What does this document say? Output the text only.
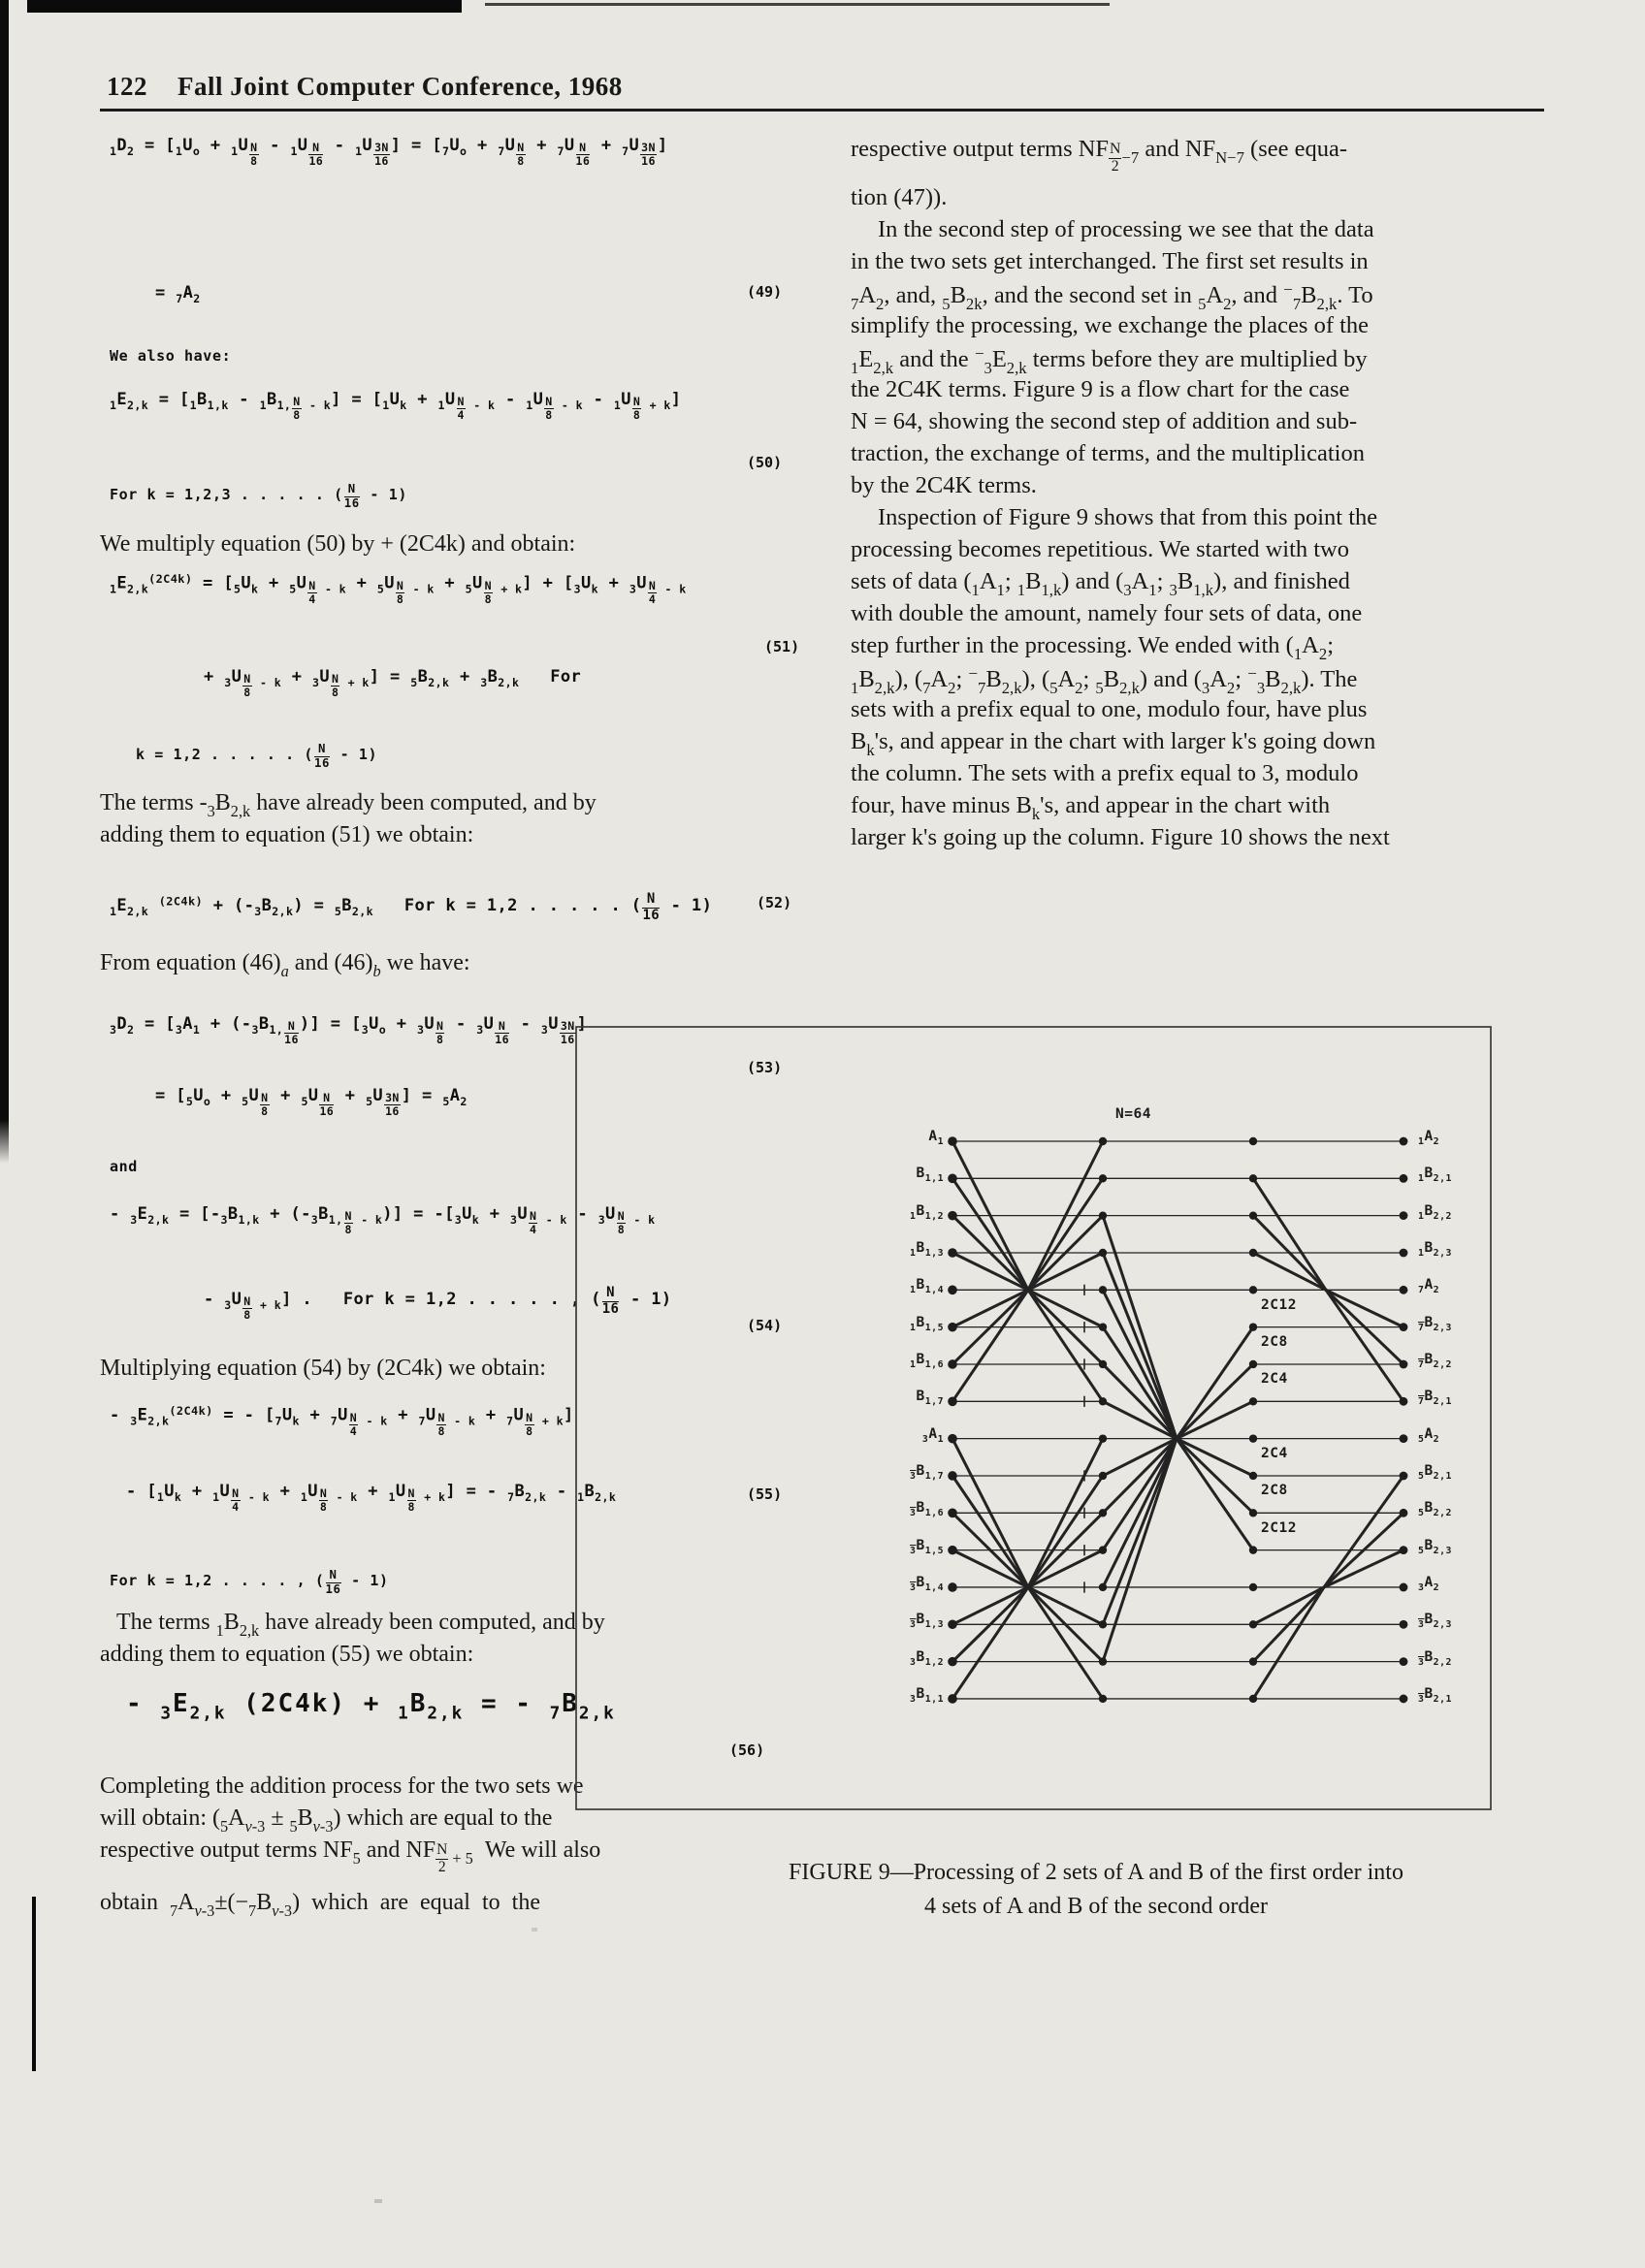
122 Fall Joint Computer Conference, 1968
$_1D_2 = [_1U_o + _1U \frac{N}{8} - _1U \frac{N}{16} - _1U \frac{3N}{16}$ ] = [$_7U_o + _7U \frac{N}{8} + _7U \frac{N}{16} + _7U \frac{3N}{16}$ ]
= $_7A_2$	(49)
We also have:
$_1E_{2,k} = [_1B_{1,k} - _1B_{1,} \frac{N}{8} _{- k}] = [_1U_k + _1U \frac{N}{4} _{- k} - _1U \frac{N}{8} _{- k} - _1U \frac{N}{8} _{+ k}]$
(50)
For k = 1,2,3 . . . . . ( $\frac{N}{16} - 1$)
We multiply equation (50) by + (2C4k) and obtain:
$_1E_{2,k}^{(2C4k)} = [_5U_k + _5U \frac{N}{4} _{- k} + _5U \frac{N}{8} _{- k} + _5U \frac{N}{8} _{+ k}] + [_3U_k + _3U \frac{N}{4} _{- k}$
(51)
+ $_3U \frac{N}{8} _{- k} + _3U \frac{N}{8} _{+ k}] = _5B_{2,k} + _3B_{2,k}$   For
k = 1,2 . . . . . ( $\frac{N}{16} - 1$)
The terms $-_3B_{2,k}$ have already been computed, and by
adding them to equation (51) we obtain:
$_1E_{2,k}$ $^{(2C4k)} + (-_3B_{2,k}) = _5B_{2,k}$   For k = 1,2 . . . . . ( $\frac{N}{16} - 1$)	(52)
From equation $(46)_a$ and $(46)_b$ we have:
$_3D_2 = [_3A_1 + (-_3B_{1,} \frac{N}{16}$ )] = [$_3U_o + _3U \frac{N}{8} - _3U \frac{N}{16} - _3U \frac{3N}{16}$ ]
(53)
= [$_5U_o + _5U \frac{N}{8} + _5U \frac{N}{16} + _5U \frac{3N}{16}$ ] = $_5A_2$
and
- $_3E_{2,k} = [-_3B_{1,k} + (-_3B_{1,} \frac{N}{8} _{- k})] = -[_3U_k + _3U \frac{N}{4} _{- k} - _3U \frac{N}{8} _{- k}$
(54)
- $_3U \frac{N}{8} _{+ k}$] .   For k = 1,2 . . . . . , ( $\frac{N}{16} - 1$)
Multiplying equation (54) by (2C4k) we obtain:
- $_3E_{2,k}^{(2C4k)}$ = - $[_7U_k + _7U \frac{N}{4} _{- k} + _7U \frac{N}{8} _{- k} + _7U \frac{N}{8} _{+ k}]$
- $[_1U_k + _1U \frac{N}{4} _{- k} + _1U \frac{N}{8} _{- k} + _1U \frac{N}{8} _{+ k}]$ = - $_7B_{2,k} - _1B_{2,k}$	(55)
For k = 1,2 . . . . , ( $\frac{N}{16} - 1$)
The terms $_1B_{2,k}$ have already been computed, and by
adding them to equation (55) we obtain:
- $_3E_{2,k}$ $(2C4k) + _1B_{2,k}$ = - $_7B_{2,k}$
(56)
Completing the addition process for the two sets we
will obtain: $(_5A_{v-3} \pm _5B_{v-3})$ which are equal to the
respective output terms $NF_5$ and NF $_{\frac{N}{2} + 5}$  We will also
obtain  $_7A_{v-3}\pm(-_7B_{v-3})$  which  are  equal  to  the
respective output terms NF $_{\frac{N}{2} -7}$ and $NF_{N-7}$ (see equa-
tion (47)).
In the second step of processing we see that the data
in the two sets get interchanged. The first set results in
$_7A_2$, and, $_5B_{2k}$, and the second set in $_5A_2$, and $^-_7B_{2,k}$. To
simplify the processing, we exchange the places of the
$_1E_{2,k}$ and the $^-_3E_{2,k}$ terms before they are multiplied by
the 2C4K terms. Figure 9 is a flow chart for the case
N = 64, showing the second step of addition and sub-
traction, the exchange of terms, and the multiplication
by the 2C4K terms.
Inspection of Figure 9 shows that from this point the
processing becomes repetitious. We started with two
sets of data ($_1A_1$; $_1B_{1,k}$) and ($_3A_1$; $_3B_{1,k}$), and finished
with double the amount, namely four sets of data, one
step further in the processing. We ended with ($_1A_2$;
$_1B_{2,k}$), ($_7A_2$; $^-_7B_{2,k}$), ($_5A_2$; $_5B_{2,k}$) and ($_3A_2$; $^-_3B_{2,k}$). The
sets with a prefix equal to one, modulo four, have plus
$B_k's$, and appear in the chart with larger k's going down
the column. The sets with a prefix equal to 3, modulo
four, have minus $B_k's$, and appear in the chart with
larger k's going up the column. Figure 10 shows the next
N=64
$A_1$
$B_{1,1}$
$_1B_{1,2}$
$_1B_{1,3}$
$_1B_{1,4}$
$_1B_{1,5}$
$_1B_{1,6}$
$B_{1,7}$
$_3A_1$
$_3B_{1,7}$
$_3B_{1,6}$
$_3B_{1,5}$
$_3B_{1,4}$
$_3B_{1,3}$
$_3B_{1,2}$
$_3B_{1,1}$
$_1A_2$
$_1B_{2,1}$
$_1B_{2,2}$
$_1B_{2,3}$
$_7A_2$
$_7B_{2,3}$
$_7B_{2,2}$
$_7B_{2,1}$
$_5A_2$
$_5B_{2,1}$
$_5B_{2,2}$
$_5B_{2,3}$
$_3A_2$
$_3B_{2,3}$
$_3B_{2,2}$
$_3B_{2,1}$
2C12
2C8
2C4
2C4
2C8
2C12
FIGURE 9—Processing of 2 sets of A and B of the first order into
4 sets of A and B of the second order
